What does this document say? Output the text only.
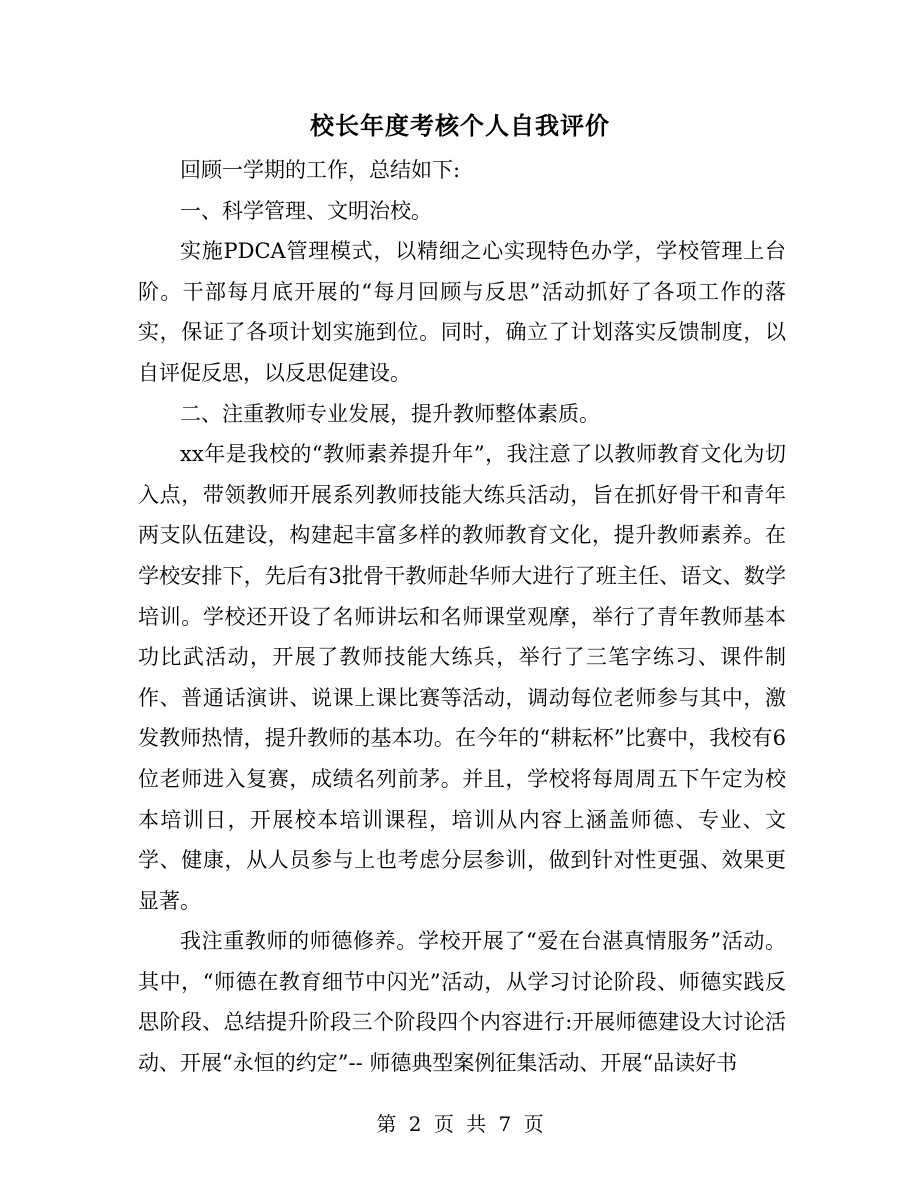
校长年度考核个人自我评价

回顾一学期的工作，总结如下:

一、科学管理、文明治校。

实施PDCA管理模式，以精细之心实现特色办学，学校管理上台阶。干部每月底开展的“每月回顾与反思”活动抓好了各项工作的落实，保证了各项计划实施到位。同时，确立了计划落实反馈制度，以自评促反思，以反思促建设。

二、注重教师专业发展，提升教师整体素质。

xx年是我校的“教师素养提升年”，我注意了以教师教育文化为切入点，带领教师开展系列教师技能大练兵活动，旨在抓好骨干和青年两支队伍建设，构建起丰富多样的教师教育文化，提升教师素养。在学校安排下，先后有3批骨干教师赴华师大进行了班主任、语文、数学培训。学校还开设了名师讲坛和名师课堂观摩，举行了青年教师基本功比武活动，开展了教师技能大练兵，举行了三笔字练习、课件制作、普通话演讲、说课上课比赛等活动，调动每位老师参与其中，激发教师热情，提升教师的基本功。在今年的“耕耘杯”比赛中，我校有6位老师进入复赛，成绩名列前茅。并且，学校将每周周五下午定为校本培训日，开展校本培训课程，培训从内容上涵盖师德、专业、文学、健康，从人员参与上也考虑分层参训，做到针对性更强、效果更显著。

我注重教师的师德修养。学校开展了“爱在台湛真情服务”活动。其中，“师德在教育细节中闪光”活动，从学习讨论阶段、师德实践反思阶段、总结提升阶段三个阶段四个内容进行:开展师德建设大讨论活动、开展“永恒的约定”-- 师德典型案例征集活动、开展“品读好书

第 2 页 共 7 页
